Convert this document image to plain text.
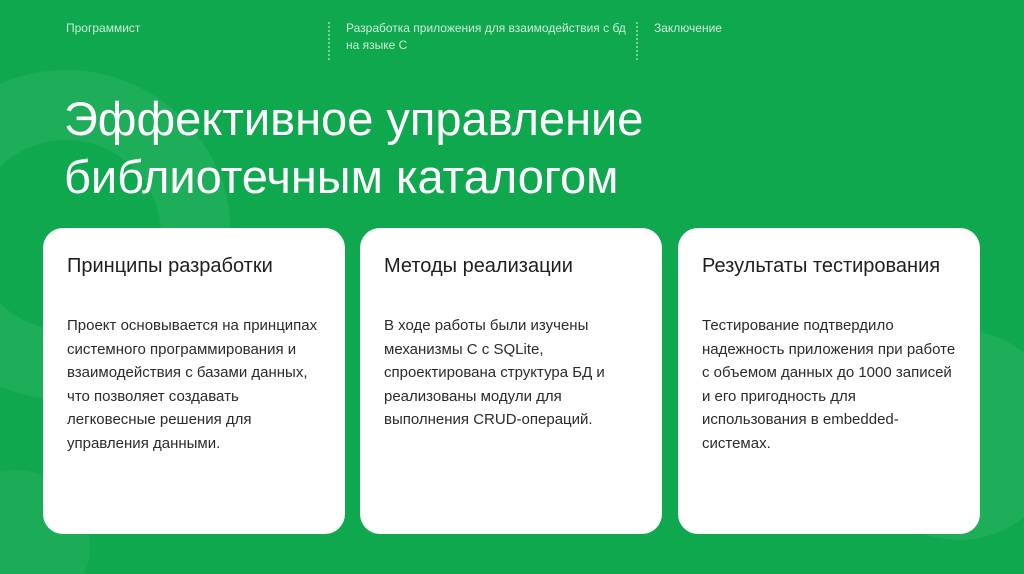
Программист	Разработка приложения для взаимодействия с бд на языке С
Заключение
Эффективное управление библиотечным каталогом
Принципы разработки

Проект основывается на принципах системного программирования и взаимодействия с базами данных, что позволяет создавать легковесные решения для управления данными.

Методы реализации

В ходе работы были изучены механизмы C с SQLite, спроектирована структура БД и реализованы модули для выполнения CRUD-операций.

Результаты тестирования

Тестирование подтвердило надежность приложения при работе с объемом данных до 1000 записей и его пригодность для использования в embedded-системах.
